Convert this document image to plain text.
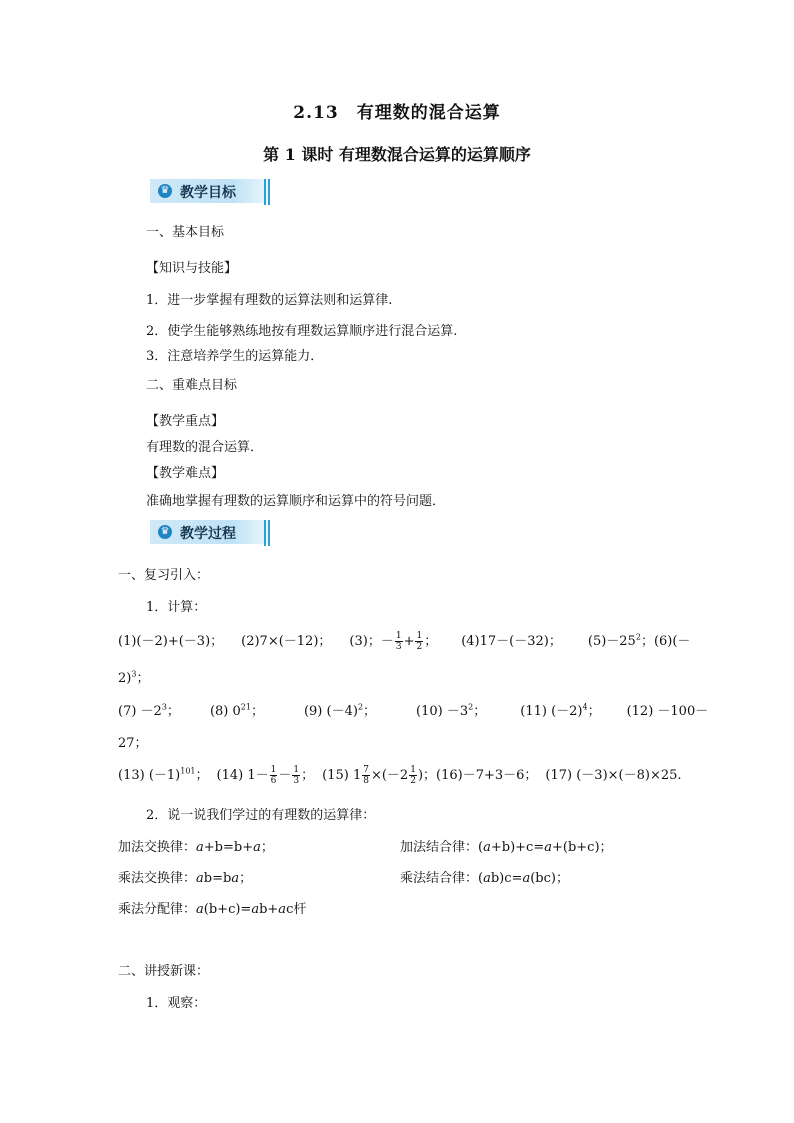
2.13　有理数的混合运算
第 1 课时 有理数混合运算的运算顺序
♛ 教学目标
一、基本目标
【知识与技能】
1．进一步掌握有理数的运算法则和运算律.
2．使学生能够熟练地按有理数运算顺序进行混合运算.
3．注意培养学生的运算能力．
二、重难点目标
【教学重点】
有理数的混合运算．
【教学难点】
准确地掌握有理数的运算顺序和运算中的符号问题．
♛ 教学过程
一、复习引入：
1．计算：
(1)(－2)+(－3)； (2)7×(－12)； (3)；－ $\frac{1}{3} + \frac{1}{2}$ ； (4)17－(－32)； $(5)-25^2$；(6)(－
2)$^3$；
$(7) -2^3$； (8) $0^{21}$；	(9) $(-4)^2$；	$(10) -3^2$；	(11) $(-2)^4$； (12) －100－
27；
(13) $(-1)^{101}$； (14) $1- \frac{1}{6} - \frac{1}{3}$ ； (15) $1 \frac{7}{8} \times(-2 \frac{1}{2}$ )；(16)－7+3－6； (17) (－3)×(－8)×25.
2．说一说我们学过的有理数的运算律：
加法交换律：a+b=b+a；	加法结合律：(a+b)+c=a+(b+c)；
乘法交换律：ab=ba；	乘法结合律：(ab)c=a(bc)；
乘法分配律：a(b+c)=ab+ac杆
二、讲授新课：
1．观察：
